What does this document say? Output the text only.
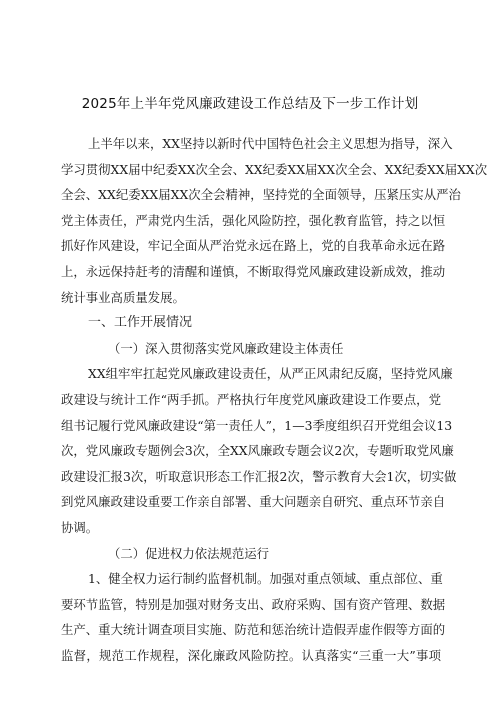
2025年上半年党风廉政建设工作总结及下一步工作计划
上半年以来，XX坚持以新时代中国特色社会主义思想为指导，深入
学习贯彻XX届中纪委XX次全会、XX纪委XX届XX次全会、XX纪委XX届XX次
全会、XX纪委XX届XX次全会精神，坚持党的全面领导，压紧压实从严治
党主体责任，严肃党内生活，强化风险防控，强化教育监管，持之以恒
抓好作风建设，牢记全面从严治党永远在路上，党的自我革命永远在路
上，永远保持赶考的清醒和谨慎，不断取得党风廉政建设新成效，推动
统计事业高质量发展。
一、工作开展情况
（一）深入贯彻落实党风廉政建设主体责任
XX组牢牢扛起党风廉政建设责任，从严正风肃纪反腐，坚持党风廉
政建设与统计工作“两手抓。严格执行年度党风廉政建设工作要点，党
组书记履行党风廉政建设“第一责任人”，1—3季度组织召开党组会议13
次，党风廉政专题例会3次，全XX风廉政专题会议2次，专题听取党风廉
政建设汇报3次，听取意识形态工作汇报2次，警示教育大会1次，切实做
到党风廉政建设重要工作亲自部署、重大问题亲自研究、重点环节亲自
协调。
（二）促进权力依法规范运行
1、健全权力运行制约监督机制。加强对重点领域、重点部位、重
要环节监管，特别是加强对财务支出、政府采购、国有资产管理、数据
生产、重大统计调查项目实施、防范和惩治统计造假弄虚作假等方面的
监督，规范工作规程，深化廉政风险防控。认真落实“三重一大”事项
